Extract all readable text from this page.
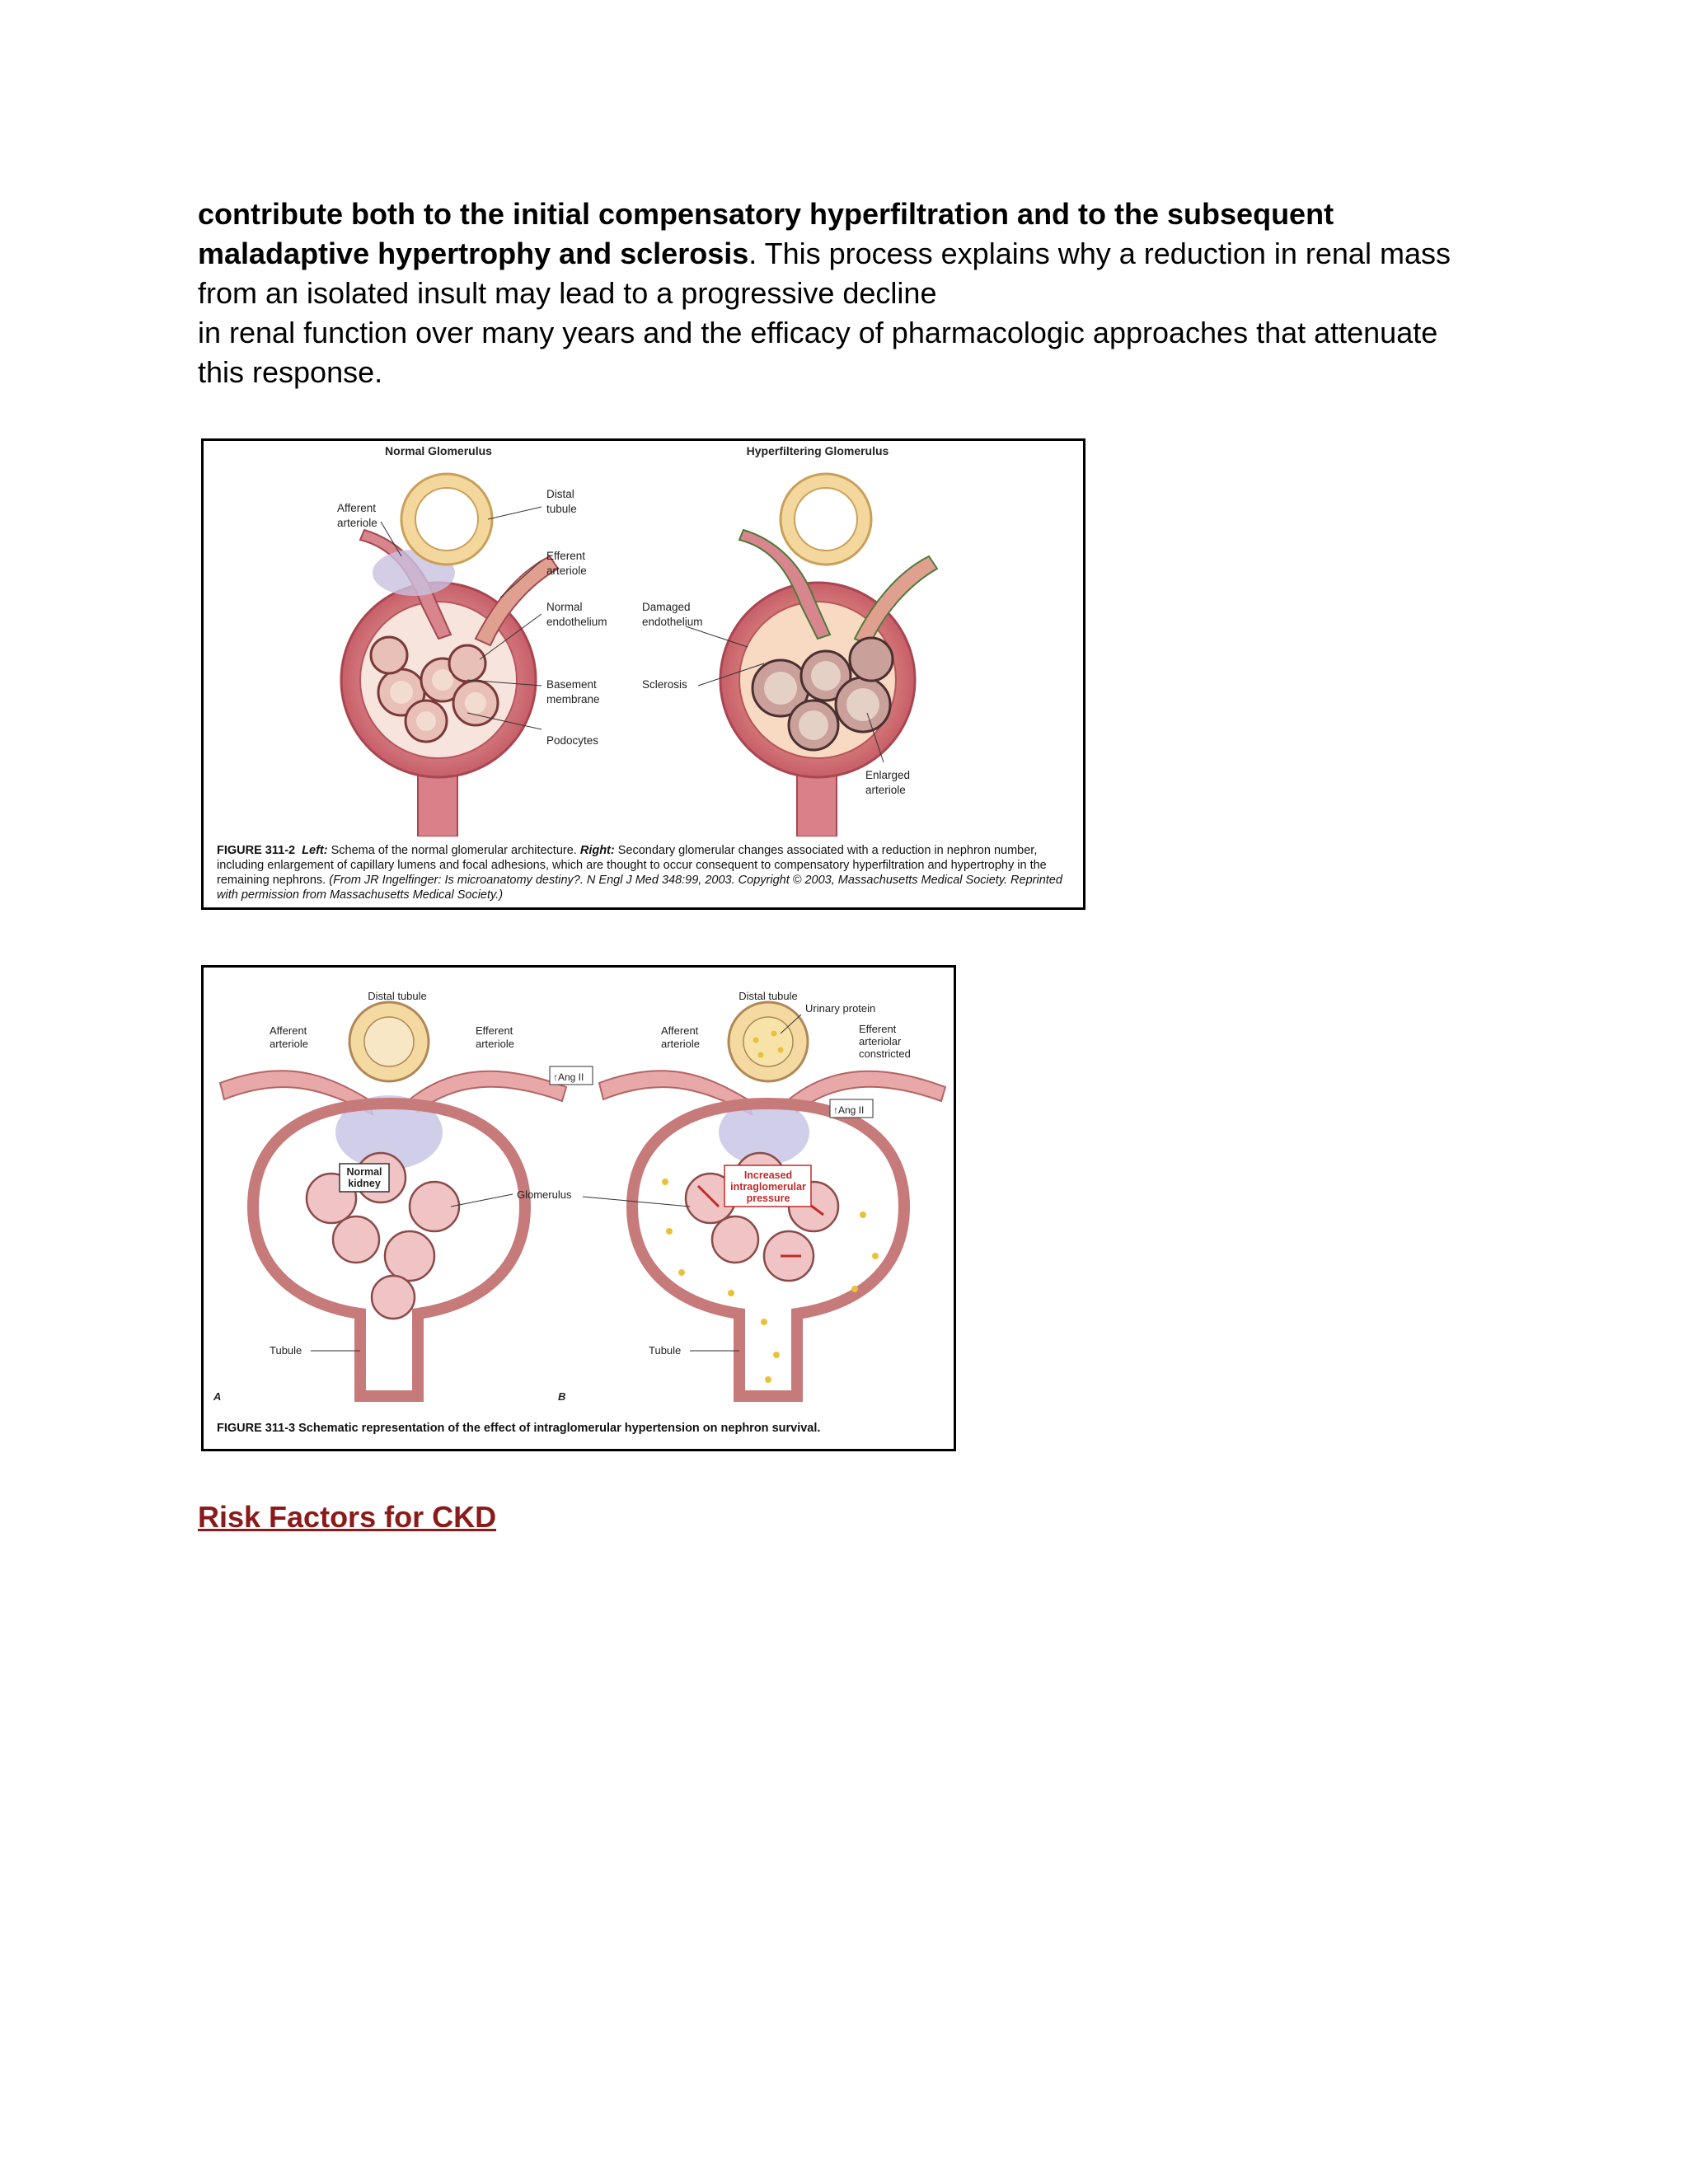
contribute both to the initial compensatory hyperfiltration and to the subsequent
maladaptive hypertrophy and sclerosis. This process explains why a reduction in renal mass
from an isolated insult may lead to a progressive decline
in renal function over many years and the efficacy of pharmacologic approaches that attenuate
this response.
Normal Glomerulus	Hyperfiltering Glomerulus
Afferent
arteriole
Distal
tubule
Efferent
arteriole
Normal
endothelium
Basement
membrane
Podocytes
Damaged
endothelium
Sclerosis
Enlarged
arteriole
FIGURE 311-2 Left: Schema of the normal glomerular architecture. Right: Secondary glomerular changes associated with a reduction in nephron number, including enlargement of capillary lumens and focal adhesions, which are thought to occur consequent to compensatory hyperfiltration and hypertrophy in the remaining nephrons. (From JR Ingelfinger: Is microanatomy destiny?. N Engl J Med 348:99, 2003. Copyright © 2003, Massachusetts Medical Society. Reprinted with permission from Massachusetts Medical Society.)
Distal tubule
Afferent
arteriole
Efferent
arteriole
Normal
kidney
Glomerulus
Tubule
A
Distal tubule
Urinary protein
Afferent
arteriole
Efferent
arteriolar
constricted
↑Ang II
↑Ang II
Increased
intraglomerular
pressure
Tubule
B
FIGURE 311-3 Schematic representation of the effect of intraglomerular hypertension on nephron survival.
Risk Factors for CKD
